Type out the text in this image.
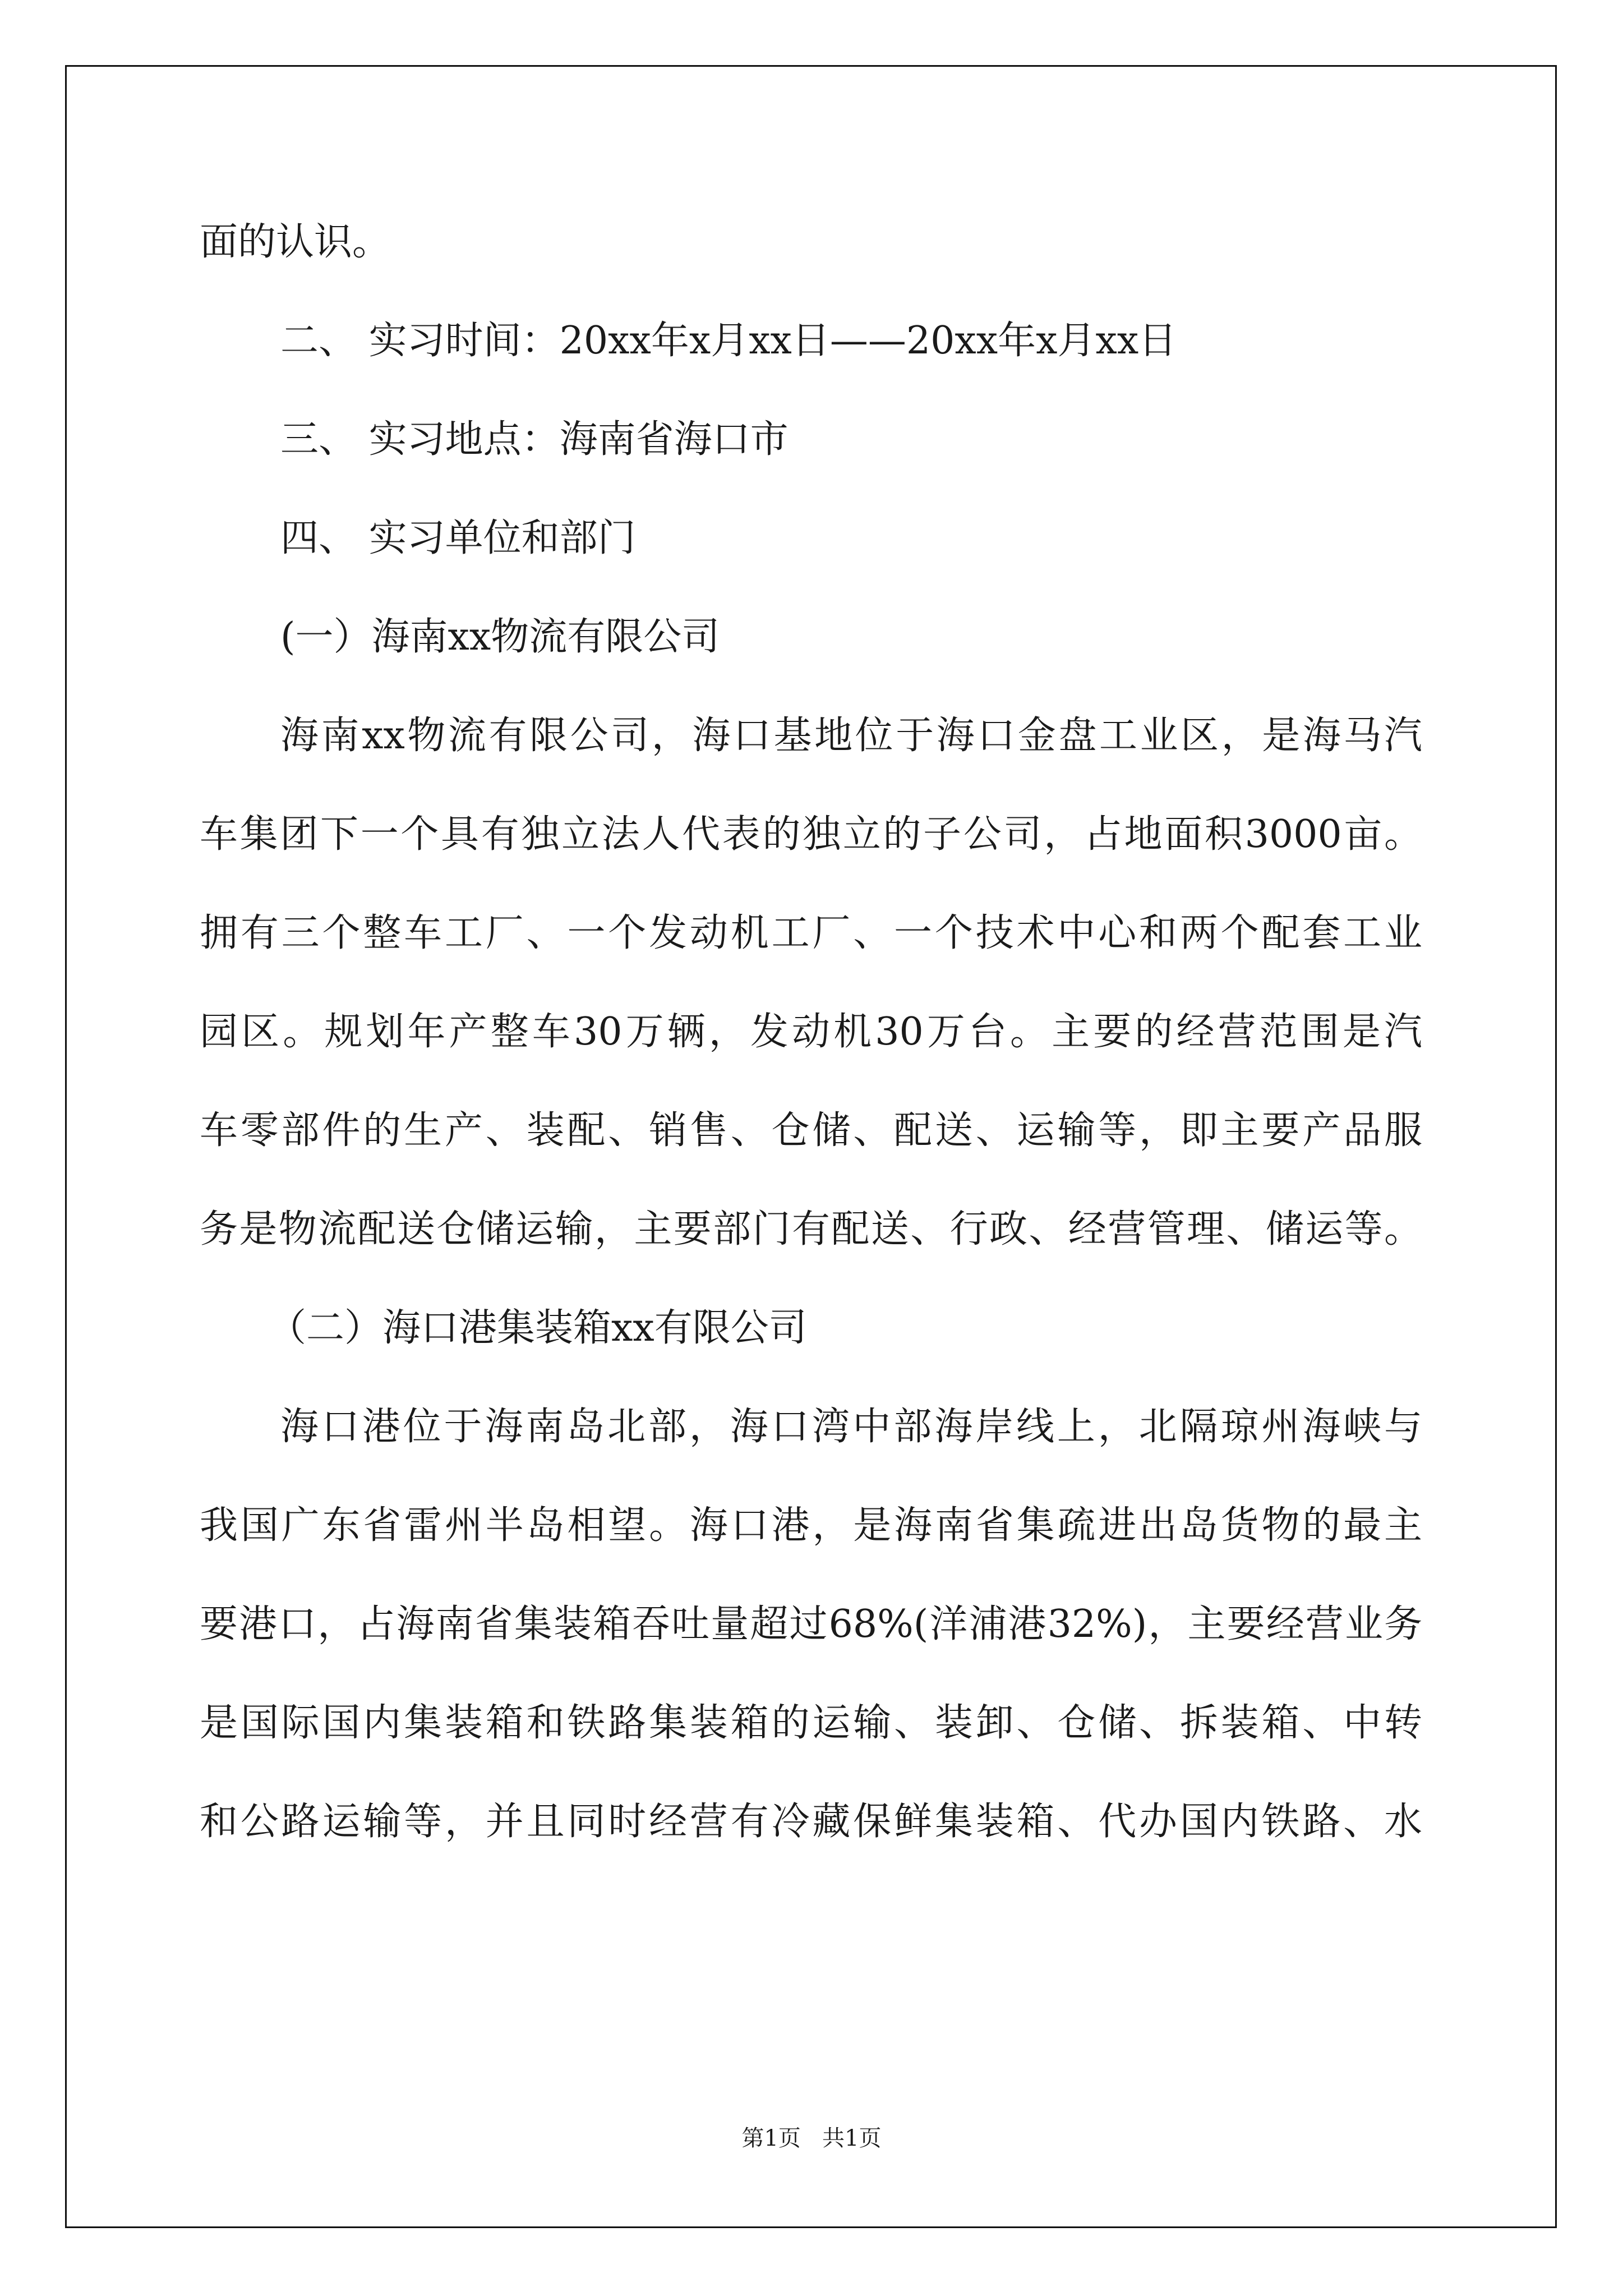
面的认识。

二、 实习时间：20xx年x月xx日——20xx年x月xx日

三、 实习地点：海南省海口市

四、 实习单位和部门

(一）海南xx物流有限公司

海南xx物流有限公司，海口基地位于海口金盘工业区，是海马汽

车集团下一个具有独立法人代表的独立的子公司，占地面积3000亩。

拥有三个整车工厂、一个发动机工厂、一个技术中心和两个配套工业

园区。规划年产整车30万辆，发动机30万台。主要的经营范围是汽

车零部件的生产、装配、销售、仓储、配送、运输等，即主要产品服

务是物流配送仓储运输，主要部门有配送、行政、经营管理、储运等。

（二）海口港集装箱xx有限公司

海口港位于海南岛北部，海口湾中部海岸线上，北隔琼州海峡与

我国广东省雷州半岛相望。海口港，是海南省集疏进出岛货物的最主

要港口，占海南省集装箱吞吐量超过68%(洋浦港32%)，主要经营业务

是国际国内集装箱和铁路集装箱的运输、装卸、仓储、拆装箱、中转

和公路运输等，并且同时经营有冷藏保鲜集装箱、代办国内铁路、水

第1页   共1页
